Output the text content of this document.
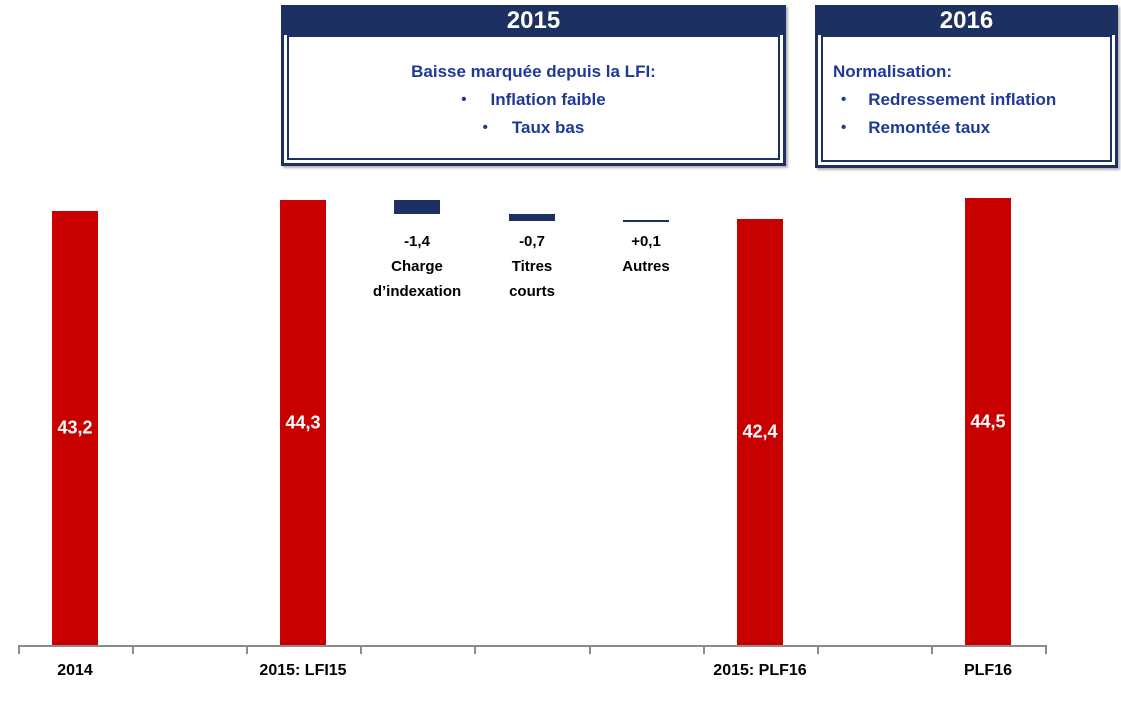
2015
Baisse marquée depuis la LFI:
• Inflation faible
• Taux bas
2016
Normalisation:
• Redressement inflation
• Remontée taux
43,2
2014
44,3
2015: LFI15
-1,4
Charge
d’indexation
-0,7
Titres
courts
+0,1
Autres
42,4
2015: PLF16
44,5
PLF16
